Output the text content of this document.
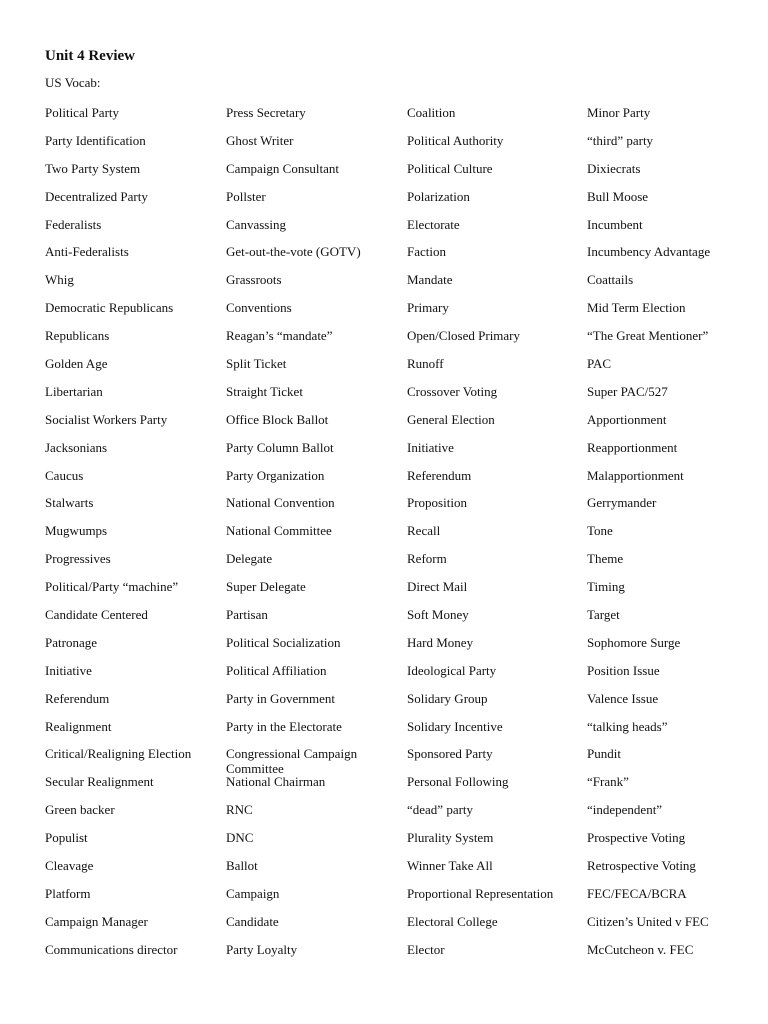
Unit 4 Review
US Vocab:
Political Party
Party Identification
Two Party System
Decentralized Party
Federalists
Anti-Federalists
Whig
Democratic Republicans
Republicans
Golden Age
Libertarian
Socialist Workers Party
Jacksonians
Caucus
Stalwarts
Mugwumps
Progressives
Political/Party “machine”
Candidate Centered
Patronage
Initiative
Referendum
Realignment
Critical/Realigning Election
Secular Realignment
Green backer
Populist
Cleavage
Platform
Campaign Manager
Communications director
Press Secretary
Ghost Writer
Campaign Consultant
Pollster
Canvassing
Get-out-the-vote (GOTV)
Grassroots
Conventions
Reagan’s “mandate”
Split Ticket
Straight Ticket
Office Block Ballot
Party Column Ballot
Party Organization
National Convention
National Committee
Delegate
Super Delegate
Partisan
Political Socialization
Political Affiliation
Party in Government
Party in the Electorate
Congressional Campaign Committee
National Chairman
RNC
DNC
Ballot
Campaign
Candidate
Party Loyalty
Coalition
Political Authority
Political Culture
Polarization
Electorate
Faction
Mandate
Primary
Open/Closed Primary
Runoff
Crossover Voting
General Election
Initiative
Referendum
Proposition
Recall
Reform
Direct Mail
Soft Money
Hard Money
Ideological Party
Solidary Group
Solidary Incentive
Sponsored Party
Personal Following
“dead” party
Plurality System
Winner Take All
Proportional Representation
Electoral College
Elector
Minor Party
“third” party
Dixiecrats
Bull Moose
Incumbent
Incumbency Advantage
Coattails
Mid Term Election
“The Great Mentioner”
PAC
Super PAC/527
Apportionment
Reapportionment
Malapportionment
Gerrymander
Tone
Theme
Timing
Target
Sophomore Surge
Position Issue
Valence Issue
“talking heads”
Pundit
“Frank”
“independent”
Prospective Voting
Retrospective Voting
FEC/FECA/BCRA
Citizen’s United v FEC
McCutcheon v. FEC
